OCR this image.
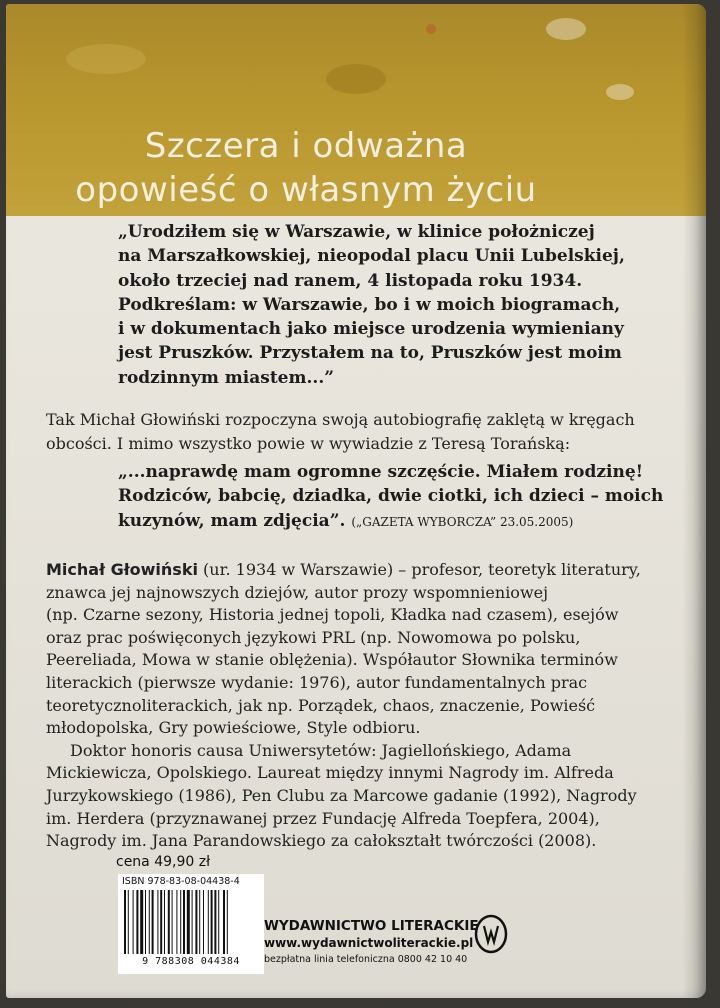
Szczera i odważna
opowieść o własnym życiu
„Urodziłem się w Warszawie, w klinice położniczej
na Marszałkowskiej, nieopodal placu Unii Lubelskiej,
około trzeciej nad ranem, 4 listopada roku 1934.
Podkreślam: w Warszawie, bo i w moich biogramach,
i w dokumentach jako miejsce urodzenia wymieniany
jest Pruszków. Przystałem na to, Pruszków jest moim
rodzinnym miastem...”
Tak Michał Głowiński rozpoczyna swoją autobiografię zaklętą w kręgach
obcości. I mimo wszystko powie w wywiadzie z Teresą Torańską:
„...naprawdę mam ogromne szczęście. Miałem rodzinę!
Rodziców, babcię, dziadka, dwie ciotki, ich dzieci – moich
kuzynów, mam zdjęcia”. („GAZETA WYBORCZA” 23.05.2005)
Michał Głowiński (ur. 1934 w Warszawie) – profesor, teoretyk literatury,
znawca jej najnowszych dziejów, autor prozy wspomnieniowej
(np. Czarne sezony, Historia jednej topoli, Kładka nad czasem), esejów
oraz prac poświęconych językowi PRL (np. Nowomowa po polsku,
Peereliada, Mowa w stanie oblężenia). Współautor Słownika terminów
literackich (pierwsze wydanie: 1976), autor fundamentalnych prac
teoretycznoliterackich, jak np. Porządek, chaos, znaczenie, Powieść
młodopolska, Gry powieściowe, Style odbioru.
Doktor honoris causa Uniwersytetów: Jagiellońskiego, Adama
Mickiewicza, Opolskiego. Laureat między innymi Nagrody im. Alfreda
Jurzykowskiego (1986), Pen Clubu za Marcowe gadanie (1992), Nagrody
im. Herdera (przyznawanej przez Fundację Alfreda Toepfera, 2004),
Nagrody im. Jana Parandowskiego za całokształt twórczości (2008).
cena 49,90 zł
ISBN 978-83-08-04438-4
9 788308 044384
WYDAWNICTWO LITERACKIE
www.wydawnictwoliterackie.pl
bezpłatna linia telefoniczna 0800 42 10 40
